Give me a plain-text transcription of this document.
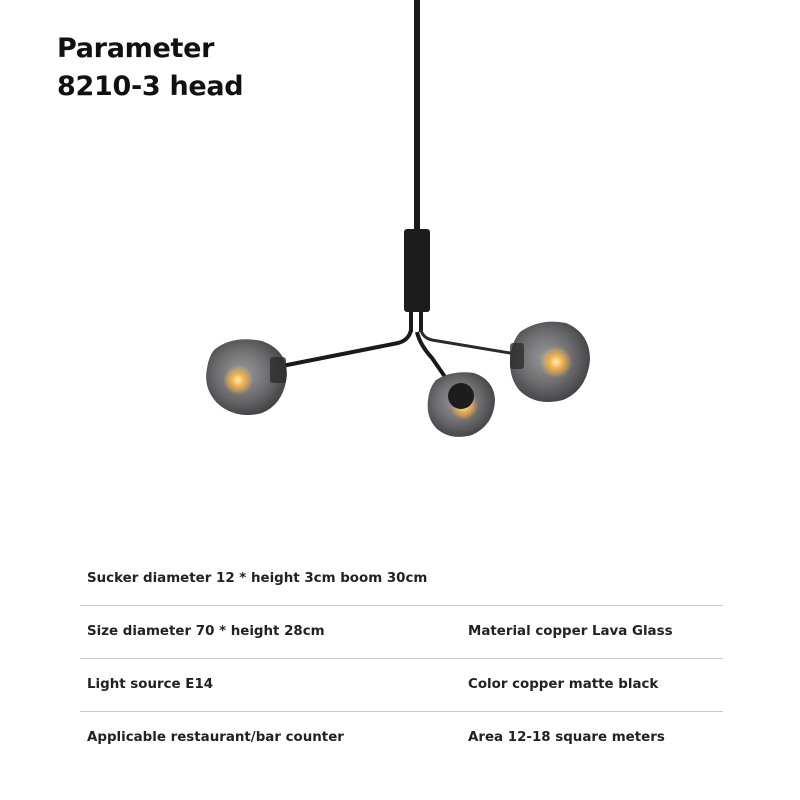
Parameter
8210-3 head
Sucker diameter 12 * height 3cm boom 30cm
Size diameter 70 * height 28cm	Material copper Lava Glass
Light source E14	Color copper matte black
Applicable restaurant/bar counter	Area 12-18 square meters
